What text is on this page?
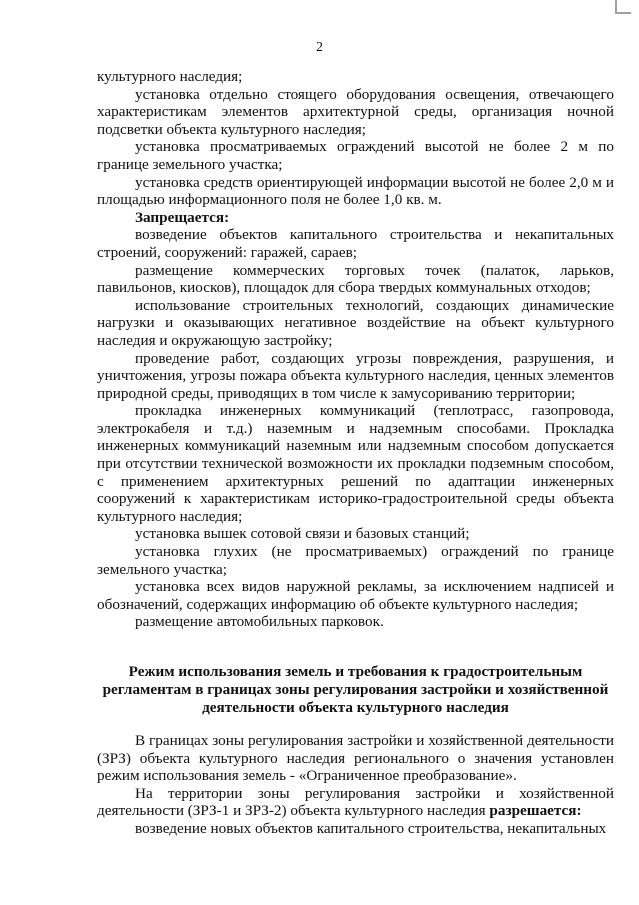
2

культурного наследия;

установка отдельно стоящего оборудования освещения, отвечающего характеристикам элементов архитектурной среды, организация ночной подсветки объекта культурного наследия;

установка просматриваемых ограждений высотой не более 2 м по границе земельного участка;

установка средств ориентирующей информации высотой не более 2,0 м и площадью информационного поля не более 1,0 кв. м.

Запрещается:

возведение объектов капитального строительства и некапитальных строений, сооружений: гаражей, сараев;

размещение коммерческих торговых точек (палаток, ларьков, павильонов, киосков), площадок для сбора твердых коммунальных отходов;

использование строительных технологий, создающих динамические нагрузки и оказывающих негативное воздействие на объект культурного наследия и окружающую застройку;

проведение работ, создающих угрозы повреждения, разрушения, и уничтожения, угрозы пожара объекта культурного наследия, ценных элементов природной среды, приводящих в том числе к замусориванию территории;

прокладка инженерных коммуникаций (теплотрасс, газопровода, электрокабеля и т.д.) наземным и надземным способами. Прокладка инженерных коммуникаций наземным или надземным способом допускается при отсутствии технической возможности их прокладки подземным способом, с применением архитектурных решений по адаптации инженерных сооружений к характеристикам историко-градостроительной среды объекта культурного наследия;

установка вышек сотовой связи и базовых станций;

установка глухих (не просматриваемых) ограждений по границе земельного участка;

установка всех видов наружной рекламы, за исключением надписей и обозначений, содержащих информацию об объекте культурного наследия;

размещение автомобильных парковок.

Режим использования земель и требования к градостроительным регламентам в границах зоны регулирования застройки и хозяйственной деятельности объекта культурного наследия

В границах зоны регулирования застройки и хозяйственной деятельности (ЗРЗ) объекта культурного наследия регионального о значения установлен режим использования земель - «Ограниченное преобразование».

На территории зоны регулирования застройки и хозяйственной деятельности (ЗРЗ-1 и ЗРЗ-2) объекта культурного наследия разрешается:

возведение новых объектов капитального строительства, некапитальных
